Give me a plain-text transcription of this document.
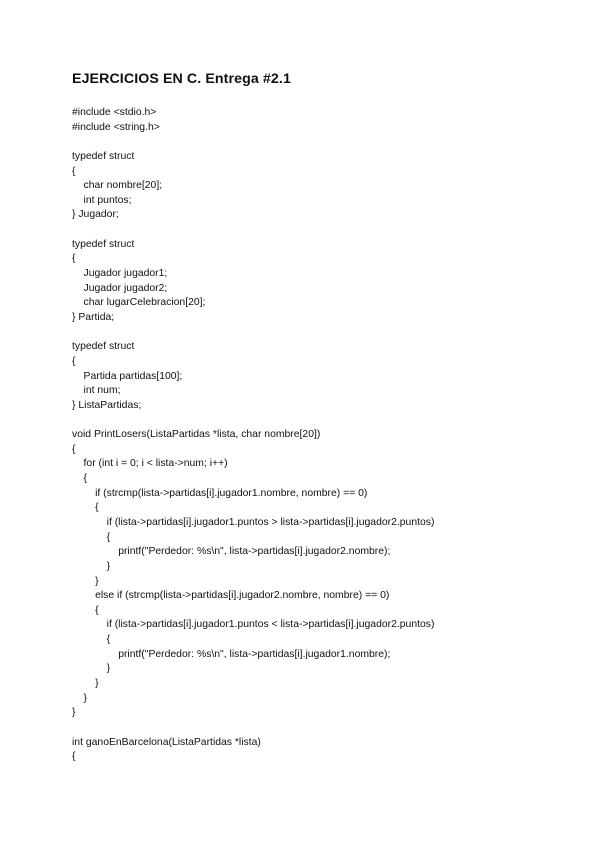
EJERCICIOS EN C. Entrega #2.1
#include <stdio.h>
#include <string.h>
typedef struct
{
char nombre[20];
int puntos;
} Jugador;
typedef struct
{
Jugador jugador1;
Jugador jugador2;
char lugarCelebracion[20];
} Partida;
typedef struct
{
Partida partidas[100];
int num;
} ListaPartidas;
void PrintLosers(ListaPartidas *lista, char nombre[20])
{
for (int i = 0; i < lista->num; i++)
{
if (strcmp(lista->partidas[i].jugador1.nombre, nombre) == 0)
{
if (lista->partidas[i].jugador1.puntos > lista->partidas[i].jugador2.puntos)
{
printf("Perdedor: %s\n", lista->partidas[i].jugador2.nombre);
}
}
else if (strcmp(lista->partidas[i].jugador2.nombre, nombre) == 0)
{
if (lista->partidas[i].jugador1.puntos < lista->partidas[i].jugador2.puntos)
{
printf("Perdedor: %s\n", lista->partidas[i].jugador1.nombre);
}
}
}
}
int ganoEnBarcelona(ListaPartidas *lista)
{
